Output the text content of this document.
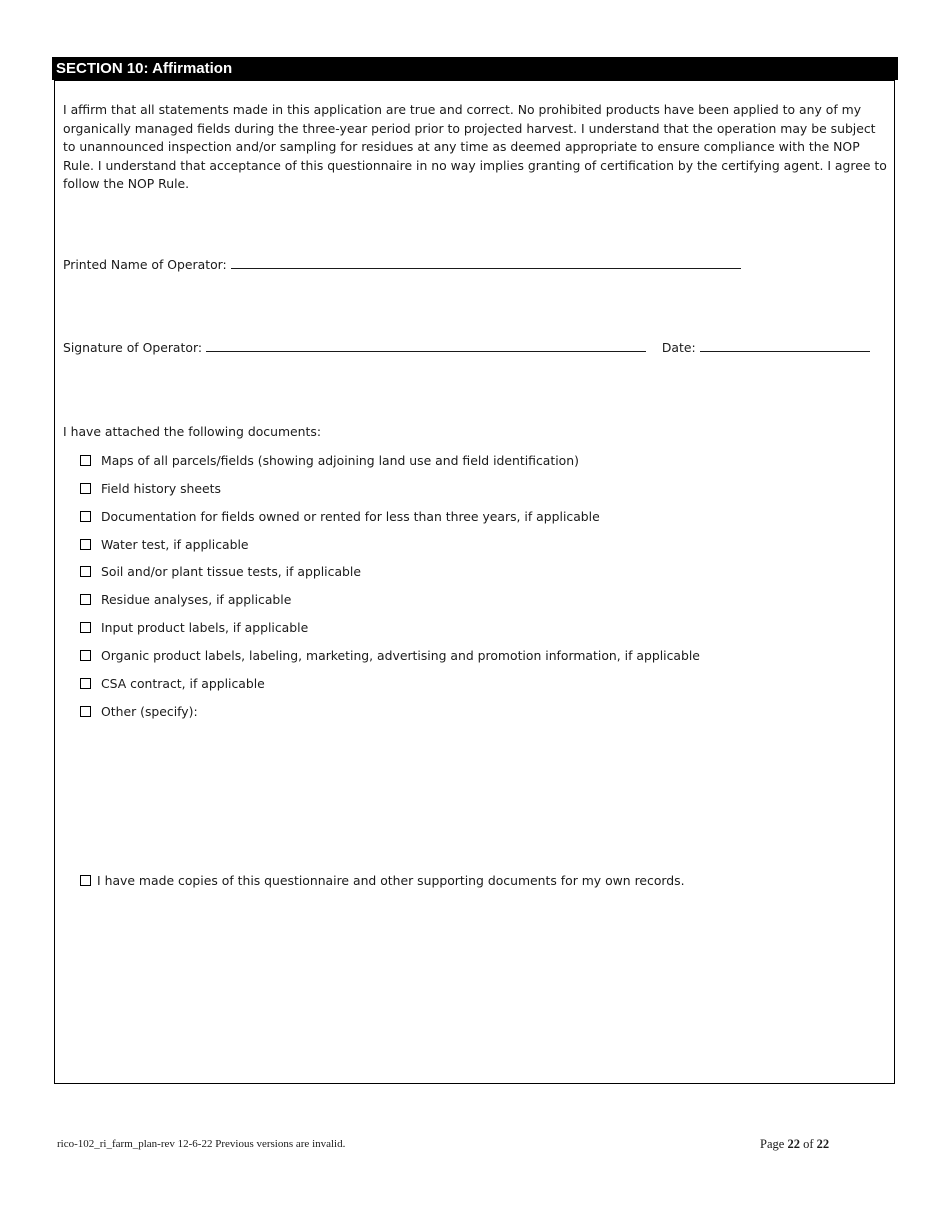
SECTION 10: Affirmation
I affirm that all statements made in this application are true and correct. No prohibited products have been applied to any of my organically managed fields during the three-year period prior to projected harvest. I understand that the operation may be subject to unannounced inspection and/or sampling for residues at any time as deemed appropriate to ensure compliance with the NOP Rule. I understand that acceptance of this questionnaire in no way implies granting of certification by the certifying agent. I agree to follow the NOP Rule.
Printed Name of Operator:
Signature of Operator:	Date:
I have attached the following documents:
Maps of all parcels/fields (showing adjoining land use and field identification)
Field history sheets
Documentation for fields owned or rented for less than three years, if applicable
Water test, if applicable
Soil and/or plant tissue tests, if applicable
Residue analyses, if applicable
Input product labels, if applicable
Organic product labels, labeling, marketing, advertising and promotion information, if applicable
CSA contract, if applicable
Other (specify):
I have made copies of this questionnaire and other supporting documents for my own records.
rico-102_ri_farm_plan-rev 12-6-22 Previous versions are invalid.	Page 22 of 22
